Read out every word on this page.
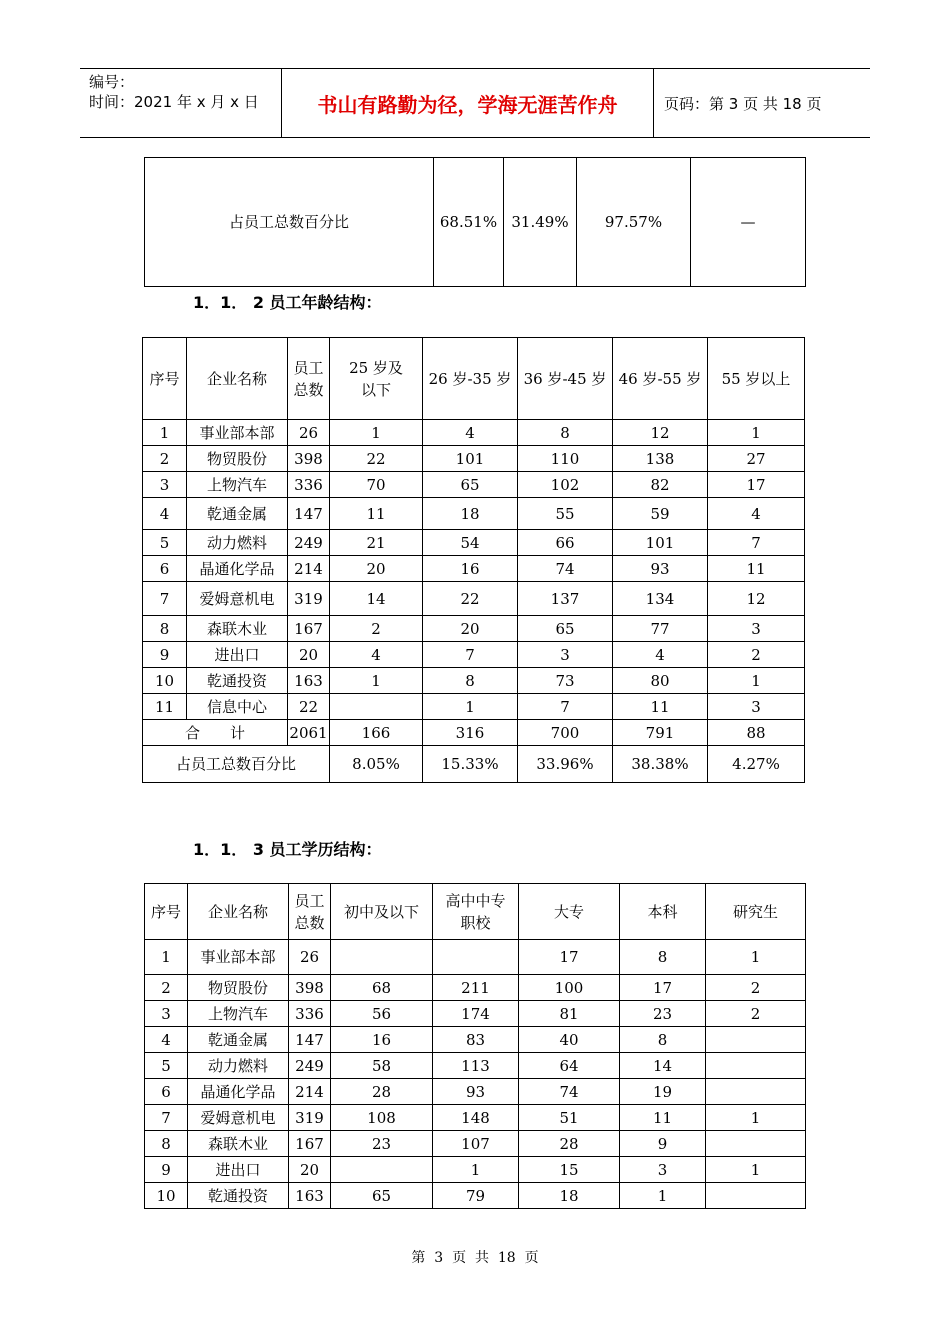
编号：
时间：2021 年 x 月 x 日	书山有路勤为径，学海无涯苦作舟	页码：第 3 页 共 18 页
占员工总数百分比	68.51%	31.49%	97.57%	—
1．1． 2 员工年龄结构：
序号	企业名称	员工总数	25 岁及以下	26 岁-35 岁	36 岁-45 岁	46 岁-55 岁	55 岁以上
1	事业部本部	26	1	4	8	12	1
2	物贸股份	398	22	101	110	138	27
3	上物汽车	336	70	65	102	82	17
4	乾通金属	147	11	18	55	59	4
5	动力燃料	249	21	54	66	101	7
6	晶通化学品	214	20	16	74	93	11
7	爱姆意机电	319	14	22	137	134	12
8	森联木业	167	2	20	65	77	3
9	进出口	20	4	7	3	4	2
10	乾通投资	163	1	8	73	80	1
11	信息中心	22		1	7	11	3
合　　计		2061	166	316	700	791	88
占员工总数百分比			8.05%	15.33%	33.96%	38.38%	4.27%
1．1． 3 员工学历结构：
序号	企业名称	员工总数	初中及以下	高中中专职校	大专	本科	研究生
1	事业部本部	26			17	8	1
2	物贸股份	398	68	211	100	17	2
3	上物汽车	336	56	174	81	23	2
4	乾通金属	147	16	83	40	8	
5	动力燃料	249	58	113	64	14	
6	晶通化学品	214	28	93	74	19	
7	爱姆意机电	319	108	148	51	11	1
8	森联木业	167	23	107	28	9	
9	进出口	20		1	15	3	1
10	乾通投资	163	65	79	18	1	
第  3  页  共  18  页
